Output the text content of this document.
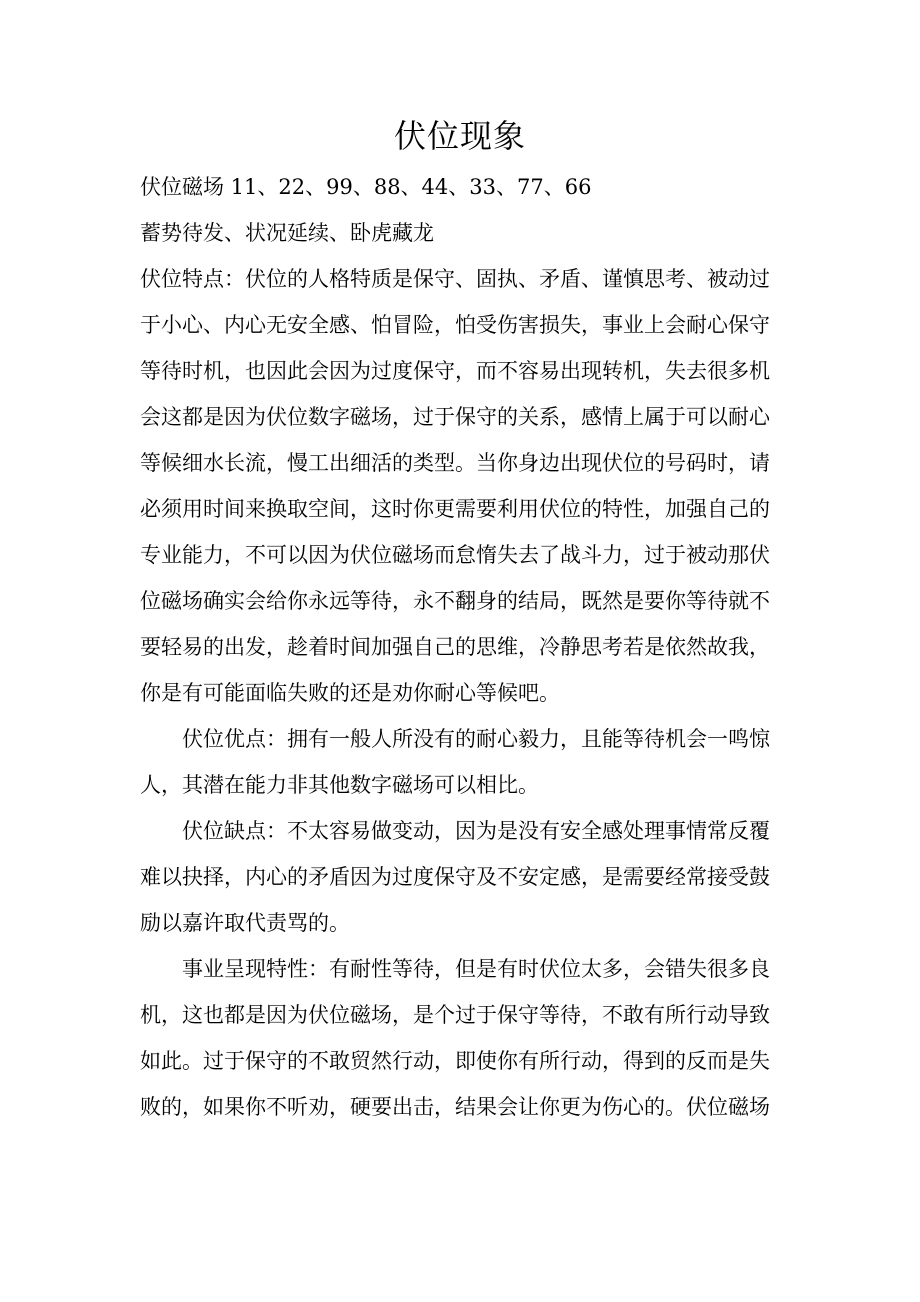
伏位现象
伏位磁场 11、22、99、88、44、33、77、66
蓄势待发、状况延续、卧虎藏龙
伏位特点：伏位的人格特质是保守、固执、矛盾、谨慎思考、被动过
于小心、内心无安全感、怕冒险，怕受伤害损失，事业上会耐心保守
等待时机，也因此会因为过度保守，而不容易出现转机，失去很多机
会这都是因为伏位数字磁场，过于保守的关系，感情上属于可以耐心
等候细水长流，慢工出细活的类型。当你身边出现伏位的号码时，请
必须用时间来换取空间，这时你更需要利用伏位的特性，加强自己的
专业能力，不可以因为伏位磁场而怠惰失去了战斗力，过于被动那伏
位磁场确实会给你永远等待，永不翻身的结局，既然是要你等待就不
要轻易的出发，趁着时间加强自己的思维，冷静思考若是依然故我，
你是有可能面临失败的还是劝你耐心等候吧。
伏位优点：拥有一般人所没有的耐心毅力，且能等待机会一鸣惊
人，其潜在能力非其他数字磁场可以相比。
伏位缺点：不太容易做变动，因为是没有安全感处理事情常反覆
难以抉择，内心的矛盾因为过度保守及不安定感，是需要经常接受鼓
励以嘉许取代责骂的。
事业呈现特性：有耐性等待，但是有时伏位太多，会错失很多良
机，这也都是因为伏位磁场，是个过于保守等待，不敢有所行动导致
如此。过于保守的不敢贸然行动，即使你有所行动，得到的反而是失
败的，如果你不听劝，硬要出击，结果会让你更为伤心的。伏位磁场
